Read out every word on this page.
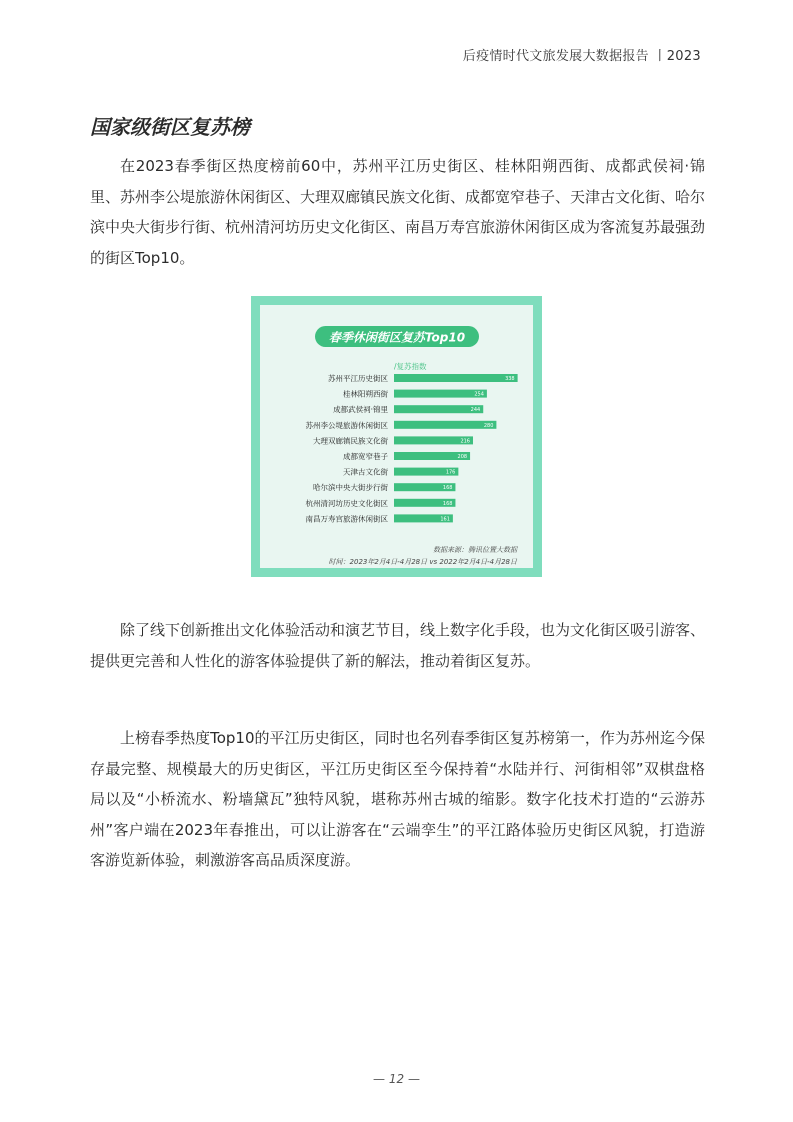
后疫情时代文旅发展大数据报告 丨2023
国家级街区复苏榜

在2023春季街区热度榜前60中，苏州平江历史街区、桂林阳朔西街、成都武侯祠·锦里、苏州李公堤旅游休闲街区、大理双廊镇民族文化街、成都宽窄巷子、天津古文化街、哈尔滨中央大街步行街、杭州清河坊历史文化街区、南昌万寿宫旅游休闲街区成为客流复苏最强劲的街区Top10。

春季休闲街区复苏Top10
/复苏指数
苏州平江历史街区	338
桂林阳朔西街	254
成都武侯祠·锦里	244
苏州李公堤旅游休闲街区	280
大理双廊镇民族文化街	216
成都宽窄巷子	208
天津古文化街	176
哈尔滨中央大街步行街	168
杭州清河坊历史文化街区	168
南昌万寿宫旅游休闲街区	161
数据来源：腾讯位置大数据
时间：2023年2月4日-4月28日 vs 2022年2月4日-4月28日

除了线下创新推出文化体验活动和演艺节目，线上数字化手段，也为文化街区吸引游客、提供更完善和人性化的游客体验提供了新的解法，推动着街区复苏。

上榜春季热度Top10的平江历史街区，同时也名列春季街区复苏榜第一，作为苏州迄今保存最完整、规模最大的历史街区，平江历史街区至今保持着“水陆并行、河街相邻”双棋盘格局以及“小桥流水、粉墙黛瓦”独特风貌，堪称苏州古城的缩影。数字化技术打造的“云游苏州”客户端在2023年春推出，可以让游客在“云端孪生”的平江路体验历史街区风貌，打造游客游览新体验，刺激游客高品质深度游。

— 12 —
